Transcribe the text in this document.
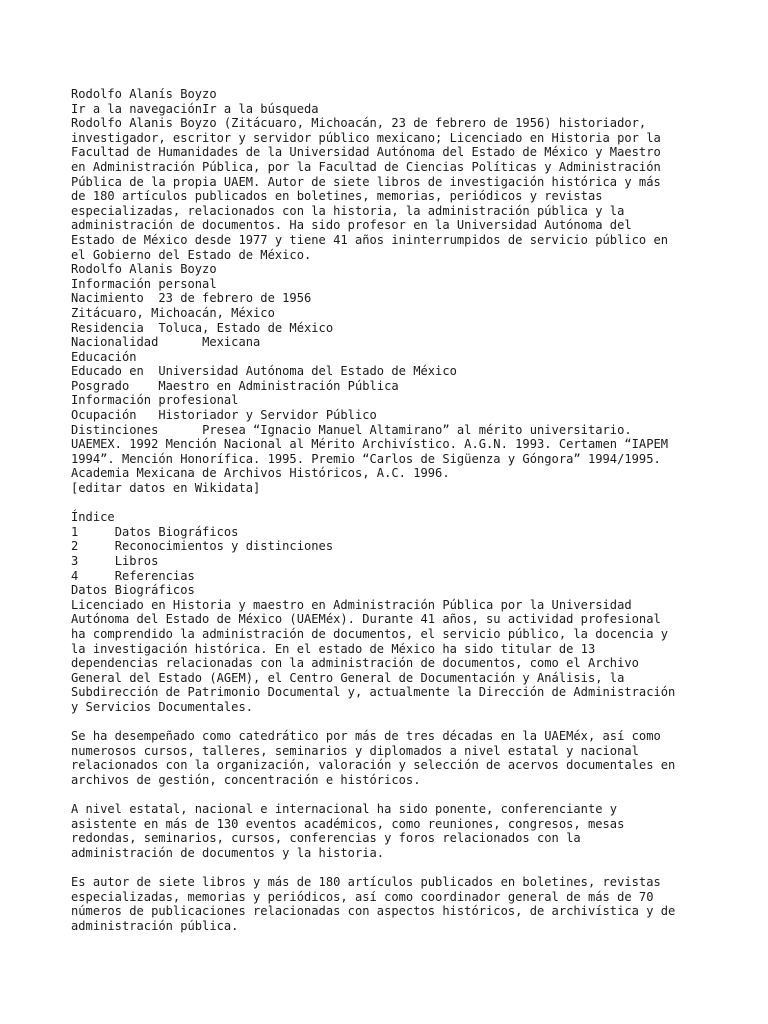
Rodolfo Alanís Boyzo
Ir a la navegaciónIr a la búsqueda
Rodolfo Alanis Boyzo (Zitácuaro, Michoacán, 23 de febrero de 1956) historiador,
investigador, escritor y servidor público mexicano; Licenciado en Historia por la
Facultad de Humanidades de la Universidad Autónoma del Estado de México y Maestro
en Administración Pública, por la Facultad de Ciencias Políticas y Administración
Pública de la propia UAEM. Autor de siete libros de investigación histórica y más
de 180 artículos publicados en boletines, memorias, periódicos y revistas
especializadas, relacionados con la historia, la administración pública y la
administración de documentos. Ha sido profesor en la Universidad Autónoma del
Estado de México desde 1977 y tiene 41 años ininterrumpidos de servicio público en
el Gobierno del Estado de México.
Rodolfo Alanis Boyzo
Información personal
Nacimiento 23 de febrero de 1956
Zitácuaro, Michoacán, México
Residencia Toluca, Estado de México
Nacionalidad	Mexicana
Educación
Educado en Universidad Autónoma del Estado de México
Posgrado Maestro en Administración Pública
Información profesional
Ocupación Historiador y Servidor Público
Distinciones	Presea “Ignacio Manuel Altamirano” al mérito universitario.
UAEMEX. 1992 Mención Nacional al Mérito Archivístico. A.G.N. 1993. Certamen “IAPEM
1994”. Mención Honorífica. 1995. Premio “Carlos de Sigüenza y Góngora” 1994/1995.
Academia Mexicana de Archivos Históricos, A.C. 1996.
[editar datos en Wikidata]
Índice
1	Datos Biográficos
2	Reconocimientos y distinciones
3	Libros
4	Referencias
Datos Biográficos
Licenciado en Historia y maestro en Administración Pública por la Universidad
Autónoma del Estado de México (UAEMéx). Durante 41 años, su actividad profesional
ha comprendido la administración de documentos, el servicio público, la docencia y
la investigación histórica. En el estado de México ha sido titular de 13
dependencias relacionadas con la administración de documentos, como el Archivo
General del Estado (AGEM), el Centro General de Documentación y Análisis, la
Subdirección de Patrimonio Documental y, actualmente la Dirección de Administración
y Servicios Documentales.
Se ha desempeñado como catedrático por más de tres décadas en la UAEMéx, así como
numerosos cursos, talleres, seminarios y diplomados a nivel estatal y nacional
relacionados con la organización, valoración y selección de acervos documentales en
archivos de gestión, concentración e históricos.
A nivel estatal, nacional e internacional ha sido ponente, conferenciante y
asistente en más de 130 eventos académicos, como reuniones, congresos, mesas
redondas, seminarios, cursos, conferencias y foros relacionados con la
administración de documentos y la historia.
Es autor de siete libros y más de 180 artículos publicados en boletines, revistas
especializadas, memorias y periódicos, así como coordinador general de más de 70
números de publicaciones relacionadas con aspectos históricos, de archivística y de
administración pública.
